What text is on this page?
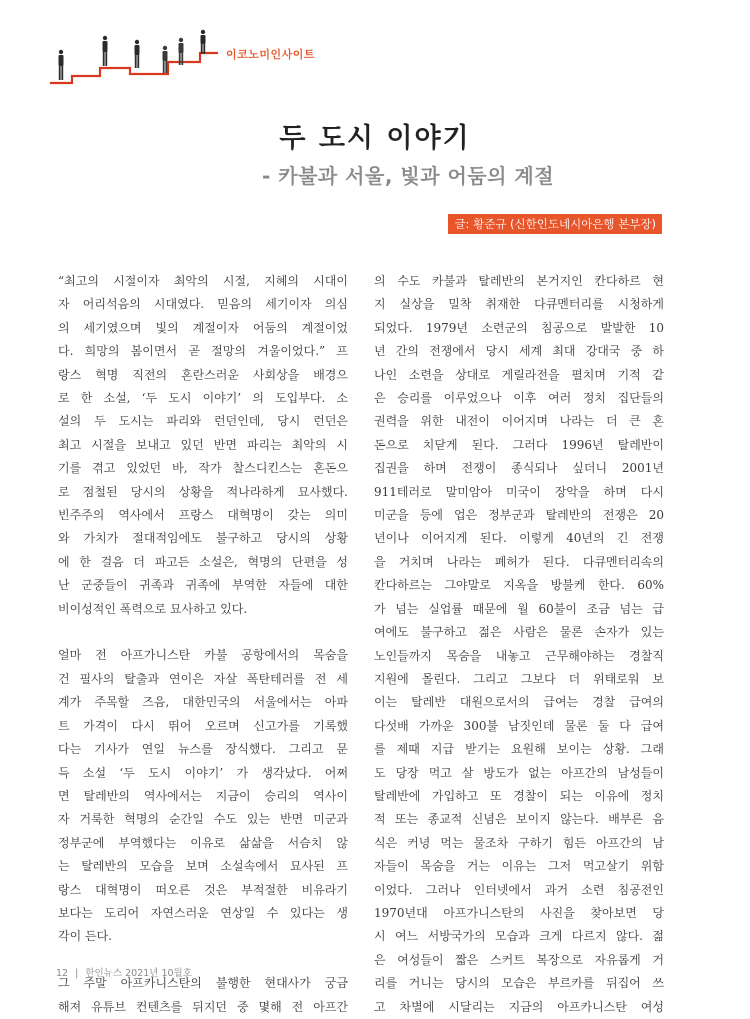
이코노미인사이트
두 도시 이야기
- 카불과 서울, 빛과 어둠의 계절
글: 황준규 (신한인도네시아은행 본부장)

“최고의 시절이자 최악의 시절, 지혜의 시대이

자 어리석음의 시대였다. 믿음의 세기이자 의심

의 세기였으며 빛의 계절이자 어둠의 계절이었

다. 희망의 봄이면서 곧 절망의 겨울이었다.” 프

랑스 혁명 직전의 혼란스러운 사회상을 배경으

로 한 소설, ‘두 도시 이야기’ 의 도입부다. 소

설의 두 도시는 파리와 런던인데, 당시 런던은

최고 시절을 보내고 있던 반면 파리는 최악의 시

기를 겪고 있었던 바, 작가 찰스디킨스는 혼돈으

로 점철된 당시의 상황을 적나라하게 묘사했다.

빈주주의 역사에서 프랑스 대혁명이 갖는 의미

와 가치가 절대적임에도 불구하고 당시의 상황

에 한 걸음 더 파고든 소설은, 혁명의 단편을 성

난 군중들이 귀족과 귀족에 부역한 자들에 대한

비이성적인 폭력으로 묘사하고 있다.

얼마 전 아프가니스탄 카불 공항에서의 목숨을

건 필사의 탈출과 연이은 자살 폭탄테러를 전 세

계가 주목할 즈음, 대한민국의 서울에서는 아파

트 가격이 다시 뛰어 오르며 신고가를 기록했

다는 기사가 연일 뉴스를 장식했다. 그리고 문

득 소설 ‘두 도시 이야기’ 가 생각났다. 어쩌

면 탈레반의 역사에서는 지금이 승리의 역사이

자 거룩한 혁명의 순간일 수도 있는 반면 미군과

정부군에 부역했다는 이유로 삶삶을 서슴치 않

는 탈레반의 모습을 보며 소설속에서 묘사된 프

랑스 대혁명이 떠오른 것은 부적절한 비유라기

보다는 도리어 자연스러운 연상일 수 있다는 생

각이 든다.

그 주말 아프카니스탄의 불행한 현대사가 궁금

해져 유튜브 컨텐츠를 뒤지던 중 몇해 전 아프간

의 수도 카불과 탈레반의 본거지인 칸다하르 현

지 실상을 밀착 취재한 다큐멘터리를 시청하게

되었다. 1979년 소련군의 침공으로 발발한 10

년 간의 전쟁에서 당시 세계 최대 강대국 중 하

나인 소련을 상대로 게릴라전을 펼치며 기적 같

은 승리를 이루었으나 이후 여러 정치 집단들의

권력을 위한 내전이 이어지며 나라는 더 큰 혼

돈으로 치닫게 된다. 그러다 1996년 탈레반이

집권을 하며 전쟁이 종식되나 싶더니 2001년

911테러로 말미암아 미국이 장악을 하며 다시

미군을 등에 업은 정부군과 탈레반의 전쟁은 20

년이나 이어지게 된다. 이렇게 40년의 긴 전쟁

을 거치며 나라는 폐허가 된다. 다큐멘터리속의

칸다하르는 그야말로 지옥을 방불케 한다. 60%

가 넘는 실업률 때문에 월 60불이 조금 넘는 급

여에도 불구하고 젊은 사람은 물론 손자가 있는

노인들까지 목숨을 내놓고 근무해야하는 경찰직

지원에 몰린다. 그리고 그보다 더 위태로워 보

이는 탈레반 대원으로서의 급여는 경찰 급여의

다섯배 가까운 300불 남짓인데 물론 둘 다 급여

를 제때 지급 받기는 요원해 보이는 상황. 그래

도 당장 먹고 살 방도가 없는 아프간의 남성들이

탈레반에 가입하고 또 경찰이 되는 이유에 정치

적 또는 종교적 신념은 보이지 않는다. 배부른 음

식은 커녕 먹는 물조차 구하기 힘든 아프간의 남

자들이 목숨을 거는 이유는 그저 먹고살기 위함

이었다. 그러나 인터넷에서 과거 소련 침공전인

1970년대 아프가니스탄의 사진을 찾아보면 당

시 여느 서방국가의 모습과 크게 다르지 않다. 젊

은 여성들이 짧은 스커트 복장으로 자유롭게 거

리를 거니는 당시의 모습은 부르카를 뒤집어 쓰

고 차별에 시달리는 지금의 아프카니스탄 여성

12 | 한인뉴스 2021년 10월호
